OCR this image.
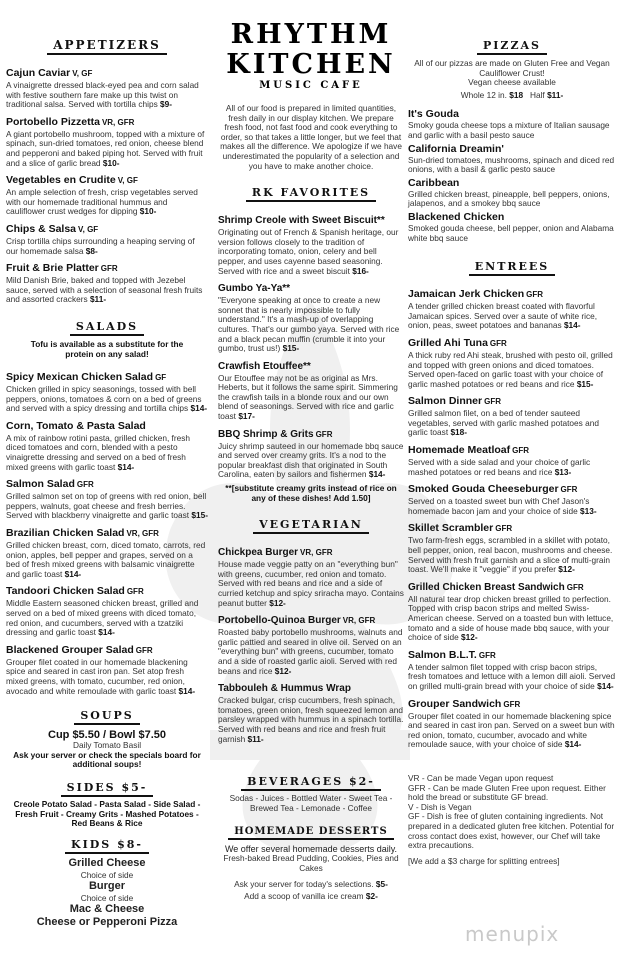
APPETIZERS
Cajun Caviar V, GF
A vinaigrette dressed black-eyed pea and corn salad with festive southern fare make up this twist on traditional salsa. Served with tortilla chips $9-
Portobello Pizzetta VR, GFR
A giant portobello mushroom, topped with a mixture of spinach, sun-dried tomatoes, red onion, cheese blend and pepperoni and baked piping hot. Served with fruit and a slice of garlic bread $10-
Vegetables en Crudite V, GF
An ample selection of fresh, crisp vegetables served with our homemade traditional hummus and cauliflower crust wedges for dipping $10-
Chips & Salsa V, GF
Crisp tortilla chips surrounding a heaping serving of our homemade salsa $8-
Fruit & Brie Platter GFR
Mild Danish Brie, baked and topped with Jezebel sauce, served with a selection of seasonal fresh fruits and assorted crackers $11-
SALADS
Tofu is available as a substitute for the protein on any salad!
Spicy Mexican Chicken Salad GF
Chicken grilled in spicy seasonings, tossed with bell peppers, onions, tomatoes & corn on a bed of greens and served with a spicy dressing and tortilla chips $14-
Corn, Tomato & Pasta Salad
A mix of rainbow rotini pasta, grilled chicken, fresh diced tomatoes and corn, blended with a pesto vinaigrette dressing and served on a bed of fresh mixed greens with garlic toast $14-
Salmon Salad GFR
Grilled salmon set on top of greens with red onion, bell peppers, walnuts, goat cheese and fresh berries. Served with blackberry vinaigrette and garlic toast $15-
Brazilian Chicken Salad VR, GFR
Grilled chicken breast, corn, diced tomato, carrots, red onion, apples, bell pepper and grapes, served on a bed of fresh mixed greens with balsamic vinaigrette and garlic toast $14-
Tandoori Chicken Salad GFR
Middle Eastern seasoned chicken breast, grilled and served on a bed of mixed greens with diced tomato, red onion, and cucumbers, served with a tzatziki dressing and garlic toast $14-
Blackened Grouper Salad GFR
Grouper filet coated in our homemade blackening spice and seared in cast iron pan. Set atop fresh mixed greens, with tomato, cucumber, red onion, avocado and white remoulade with garlic toast $14-
SOUPS
Cup $5.50 / Bowl $7.50
Daily Tomato Basil
Ask your server or check the specials board for additional soups!
SIDES $5-
Creole Potato Salad - Pasta Salad - Side Salad - Fresh Fruit - Creamy Grits - Mashed Potatoes - Red Beans & Rice
KIDS $8-
Grilled Cheese
Choice of side
Burger
Choice of side
Mac & Cheese
Cheese or Pepperoni Pizza
RHYTHM
KITCHEN
MUSIC CAFE
All of our food is prepared in limited quantities, fresh daily in our display kitchen. We prepare fresh food, not fast food and cook everything to order, so that takes a little longer, but we feel that makes all the difference. We apologize if we have underestimated the popularity of a selection and you have to make another choice.
RK FAVORITES
Shrimp Creole with Sweet Biscuit**
Originating out of French & Spanish heritage, our version follows closely to the tradition of incorporating tomato, onion, celery and bell pepper, and uses cayenne based seasoning. Served with rice and a sweet biscuit $16-
Gumbo Ya-Ya**
"Everyone speaking at once to create a new sonnet that is nearly impossible to fully understand." It's a mash-up of overlapping cultures. That's our gumbo yaya. Served with rice and a black pecan muffin (crumble it into your gumbo, trust us!) $15-
Crawfish Etouffee**
Our Etouffee may not be as original as Mrs. Heberts, but it follows the same spirit. Simmering the crawfish tails in a blonde roux and our own blend of seasonings. Served with rice and garlic toast $17-
BBQ Shrimp & Grits GFR
Juicy shrimp sauteed in our homemade bbq sauce and served over creamy grits. It's a nod to the popular breakfast dish that originated in South Carolina, eaten by sailors and fishermen $14-
**[substitute creamy grits instead of rice on any of these dishes! Add 1.50]
VEGETARIAN
Chickpea Burger VR, GFR
House made veggie patty on an "everything bun" with greens, cucumber, red onion and tomato. Served with red beans and rice and a side of curried ketchup and spicy sriracha mayo. Contains peanut butter $12-
Portobello-Quinoa Burger VR, GFR
Roasted baby portobello mushrooms, walnuts and garlic pattied and seared in olive oil. Served on an "everything bun" with greens, cucumber, tomato and a side of roasted garlic aioli. Served with red beans and rice $12-
Tabbouleh & Hummus Wrap
Cracked bulgar, crisp cucumbers, fresh spinach, tomatoes, green onion, fresh squeezed lemon and parsley wrapped with hummus in a spinach tortilla. Served with red beans and rice and fresh fruit garnish $11-
BEVERAGES $2-
Sodas - Juices - Bottled Water - Sweet Tea - Brewed Tea - Lemonade - Coffee
HOMEMADE DESSERTS
We offer several homemade desserts daily.
Fresh-baked Bread Pudding, Cookies, Pies and Cakes
Ask your server for today's selections. $5-
Add a scoop of vanilla ice cream $2-
PIZZAS
All of our pizzas are made on Gluten Free and Vegan Cauliflower Crust!
Vegan cheese available
Whole 12 in. $18 Half $11-
It's Gouda
Smoky gouda cheese tops a mixture of Italian sausage and garlic with a basil pesto sauce
California Dreamin'
Sun-dried tomatoes, mushrooms, spinach and diced red onions, with a basil & garlic pesto sauce
Caribbean
Grilled chicken breast, pineapple, bell peppers, onions, jalapenos, and a smokey bbq sauce
Blackened Chicken
Smoked gouda cheese, bell pepper, onion and Alabama white bbq sauce
ENTREES
Jamaican Jerk Chicken GFR
A tender grilled chicken breast coated with flavorful Jamaican spices. Served over a saute of white rice, onion, peas, sweet potatoes and bananas $14-
Grilled Ahi Tuna GFR
A thick ruby red Ahi steak, brushed with pesto oil, grilled and topped with green onions and diced tomatoes. Served open-faced on garlic toast with your choice of garlic mashed potatoes or red beans and rice $15-
Salmon Dinner GFR
Grilled salmon filet, on a bed of tender sauteed vegetables, served with garlic mashed potatoes and garlic toast $18-
Homemade Meatloaf GFR
Served with a side salad and your choice of garlic mashed potatoes or red beans and rice $13-
Smoked Gouda Cheeseburger GFR
Served on a toasted sweet bun with Chef Jason's homemade bacon jam and your choice of side $13-
Skillet Scrambler GFR
Two farm-fresh eggs, scrambled in a skillet with potato, bell pepper, onion, real bacon, mushrooms and cheese. Served with fresh fruit garnish and a slice of multi-grain toast. We'll make it "veggie" if you prefer $12-
Grilled Chicken Breast Sandwich GFR
All natural tear drop chicken breast grilled to perfection. Topped with crisp bacon strips and melted Swiss-American cheese. Served on a toasted bun with lettuce, tomato and a side of house made bbq sauce, with your choice of side $12-
Salmon B.L.T. GFR
A tender salmon filet topped with crisp bacon strips, fresh tomatoes and lettuce with a lemon dill aioli. Served on grilled multi-grain bread with your choice of side $14-
Grouper Sandwich GFR
Grouper filet coated in our homemade blackening spice and seared in cast iron pan. Served on a sweet bun with red onion, tomato, cucumber, avocado and white remoulade sauce, with your choice of side $14-
VR - Can be made Vegan upon request
GFR - Can be made Gluten Free upon request. Either hold the bread or substitute GF bread.
V - Dish is Vegan
GF - Dish is free of gluten containing ingredients. Not prepared in a dedicated gluten free kitchen. Potential for cross contact does exist, however, our Chef will take extra precautions.
[We add a $3 charge for splitting entrees]
menupix
